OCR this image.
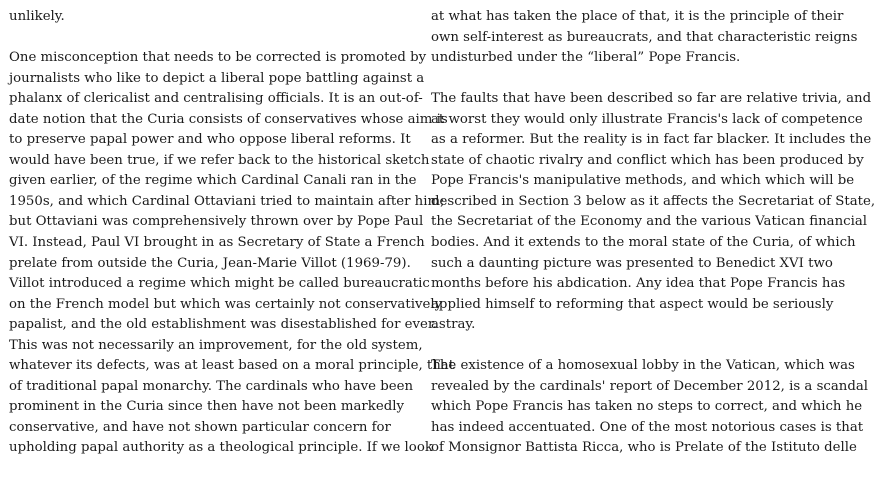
unlikely.

One misconception that needs to be corrected is promoted by
journalists who like to depict a liberal pope battling against a
phalanx of clericalist and centralising officials. It is an out-of-
date notion that the Curia consists of conservatives whose aim is
to preserve papal power and who oppose liberal reforms. It
would have been true, if we refer back to the historical sketch
given earlier, of the regime which Cardinal Canali ran in the
1950s, and which Cardinal Ottaviani tried to maintain after him;
but Ottaviani was comprehensively thrown over by Pope Paul
VI. Instead, Paul VI brought in as Secretary of State a French
prelate from outside the Curia, Jean-Marie Villot (1969-79).
Villot introduced a regime which might be called bureaucratic
on the French model but which was certainly not conservatively
papalist, and the old establishment was disestablished for ever.
This was not necessarily an improvement, for the old system,
whatever its defects, was at least based on a moral principle, that
of traditional papal monarchy. The cardinals who have been
prominent in the Curia since then have not been markedly
conservative, and have not shown particular concern for
upholding papal authority as a theological principle. If we look

at what has taken the place of that, it is the principle of their
own self-interest as bureaucrats, and that characteristic reigns
undisturbed under the “liberal” Pope Francis.

The faults that have been described so far are relative trivia, and
at worst they would only illustrate Francis's lack of competence
as a reformer. But the reality is in fact far blacker. It includes the
state of chaotic rivalry and conflict which has been produced by
Pope Francis's manipulative methods, and which which will be
described in Section 3 below as it affects the Secretariat of State,
the Secretariat of the Economy and the various Vatican financial
bodies. And it extends to the moral state of the Curia, of which
such a daunting picture was presented to Benedict XVI two
months before his abdication. Any idea that Pope Francis has
applied himself to reforming that aspect would be seriously
astray.

The existence of a homosexual lobby in the Vatican, which was
revealed by the cardinals' report of December 2012, is a scandal
which Pope Francis has taken no steps to correct, and which he
has indeed accentuated. One of the most notorious cases is that
of Monsignor Battista Ricca, who is Prelate of the Istituto delle
